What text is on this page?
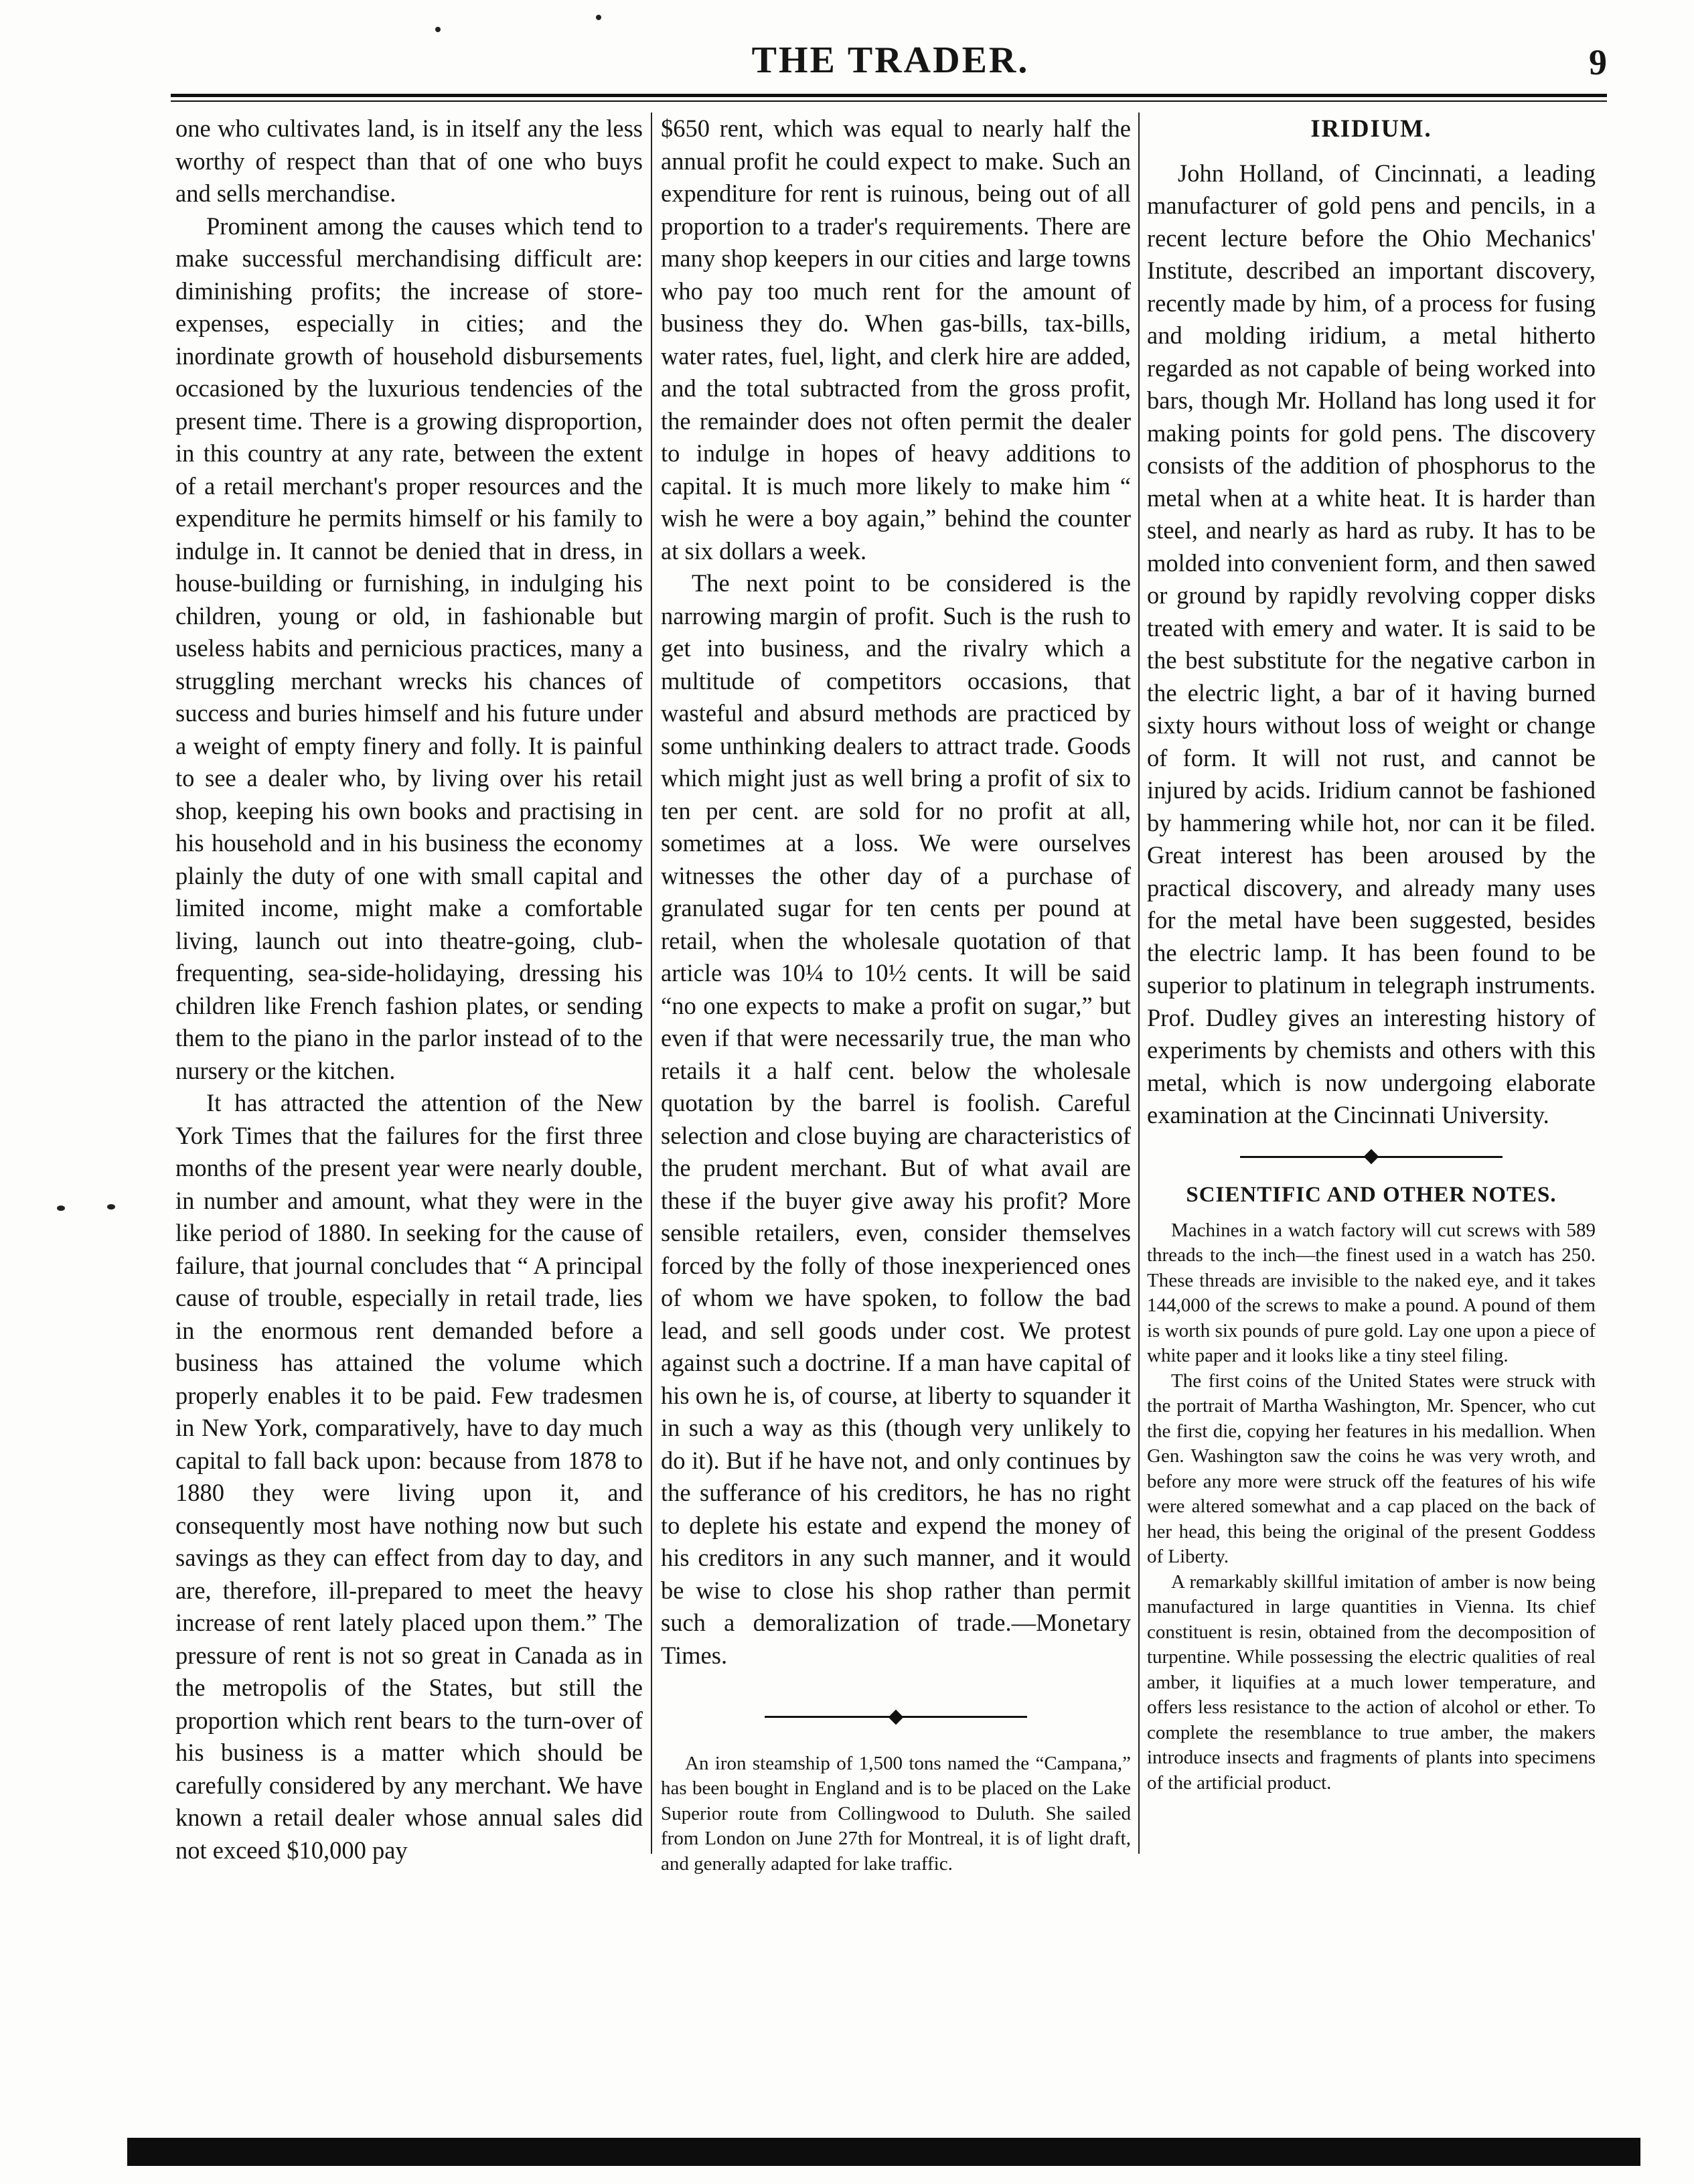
THE TRADER.	9

one who cultivates land, is in itself any the less worthy of respect than that of one who buys and sells merchandise.

Prominent among the causes which tend to make successful merchandising difficult are: diminishing profits; the increase of store-expenses, especially in cities; and the inordinate growth of household disbursements occasioned by the luxurious tendencies of the present time. There is a growing disproportion, in this country at any rate, between the extent of a retail merchant's proper resources and the expenditure he permits himself or his family to indulge in. It cannot be denied that in dress, in house-building or furnishing, in indulging his children, young or old, in fashionable but useless habits and pernicious practices, many a struggling merchant wrecks his chances of success and buries himself and his future under a weight of empty finery and folly. It is painful to see a dealer who, by living over his retail shop, keeping his own books and practising in his household and in his business the economy plainly the duty of one with small capital and limited income, might make a comfortable living, launch out into theatre-going, club-frequenting, sea-side-holidaying, dressing his children like French fashion plates, or sending them to the piano in the parlor instead of to the nursery or the kitchen.

It has attracted the attention of the New York Times that the failures for the first three months of the present year were nearly double, in number and amount, what they were in the like period of 1880. In seeking for the cause of failure, that journal concludes that “ A principal cause of trouble, especially in retail trade, lies in the enormous rent demanded before a business has attained the volume which properly enables it to be paid. Few tradesmen in New York, comparatively, have to day much capital to fall back upon: because from 1878 to 1880 they were living upon it, and consequently most have nothing now but such savings as they can effect from day to day, and are, therefore, ill-prepared to meet the heavy increase of rent lately placed upon them.” The pressure of rent is not so great in Canada as in the metropolis of the States, but still the proportion which rent bears to the turn-over of his business is a matter which should be carefully considered by any merchant. We have known a retail dealer whose annual sales did not exceed $10,000 pay

$650 rent, which was equal to nearly half the annual profit he could expect to make. Such an expenditure for rent is ruinous, being out of all proportion to a trader's requirements. There are many shop keepers in our cities and large towns who pay too much rent for the amount of business they do. When gas-bills, tax-bills, water rates, fuel, light, and clerk hire are added, and the total subtracted from the gross profit, the remainder does not often permit the dealer to indulge in hopes of heavy additions to capital. It is much more likely to make him “ wish he were a boy again,” behind the counter at six dollars a week.

The next point to be considered is the narrowing margin of profit. Such is the rush to get into business, and the rivalry which a multitude of competitors occasions, that wasteful and absurd methods are practiced by some unthinking dealers to attract trade. Goods which might just as well bring a profit of six to ten per cent. are sold for no profit at all, sometimes at a loss. We were ourselves witnesses the other day of a purchase of granulated sugar for ten cents per pound at retail, when the wholesale quotation of that article was 10¼ to 10½ cents. It will be said “no one expects to make a profit on sugar,” but even if that were necessarily true, the man who retails it a half cent. below the wholesale quotation by the barrel is foolish. Careful selection and close buying are characteristics of the prudent merchant. But of what avail are these if the buyer give away his profit? More sensible retailers, even, consider themselves forced by the folly of those inexperienced ones of whom we have spoken, to follow the bad lead, and sell goods under cost. We protest against such a doctrine. If a man have capital of his own he is, of course, at liberty to squander it in such a way as this (though very unlikely to do it). But if he have not, and only continues by the sufferance of his creditors, he has no right to deplete his estate and expend the money of his creditors in any such manner, and it would be wise to close his shop rather than permit such a demoralization of trade.—Monetary Times.

An iron steamship of 1,500 tons named the “Campana,” has been bought in England and is to be placed on the Lake Superior route from Collingwood to Duluth. She sailed from London on June 27th for Montreal, it is of light draft, and generally adapted for lake traffic.

IRIDIUM.

John Holland, of Cincinnati, a leading manufacturer of gold pens and pencils, in a recent lecture before the Ohio Mechanics' Institute, described an important discovery, recently made by him, of a process for fusing and molding iridium, a metal hitherto regarded as not capable of being worked into bars, though Mr. Holland has long used it for making points for gold pens. The discovery consists of the addition of phosphorus to the metal when at a white heat. It is harder than steel, and nearly as hard as ruby. It has to be molded into convenient form, and then sawed or ground by rapidly revolving copper disks treated with emery and water. It is said to be the best substitute for the negative carbon in the electric light, a bar of it having burned sixty hours without loss of weight or change of form. It will not rust, and cannot be injured by acids. Iridium cannot be fashioned by hammering while hot, nor can it be filed. Great interest has been aroused by the practical discovery, and already many uses for the metal have been suggested, besides the electric lamp. It has been found to be superior to platinum in telegraph instruments. Prof. Dudley gives an interesting history of experiments by chemists and others with this metal, which is now undergoing elaborate examination at the Cincinnati University.

SCIENTIFIC AND OTHER NOTES.

Machines in a watch factory will cut screws with 589 threads to the inch—the finest used in a watch has 250. These threads are invisible to the naked eye, and it takes 144,000 of the screws to make a pound. A pound of them is worth six pounds of pure gold. Lay one upon a piece of white paper and it looks like a tiny steel filing.

The first coins of the United States were struck with the portrait of Martha Washington, Mr. Spencer, who cut the first die, copying her features in his medallion. When Gen. Washington saw the coins he was very wroth, and before any more were struck off the features of his wife were altered somewhat and a cap placed on the back of her head, this being the original of the present Goddess of Liberty.

A remarkably skillful imitation of amber is now being manufactured in large quantities in Vienna. Its chief constituent is resin, obtained from the decomposition of turpentine. While possessing the electric qualities of real amber, it liquifies at a much lower temperature, and offers less resistance to the action of alcohol or ether. To complete the resemblance to true amber, the makers introduce insects and fragments of plants into specimens of the artificial product.
